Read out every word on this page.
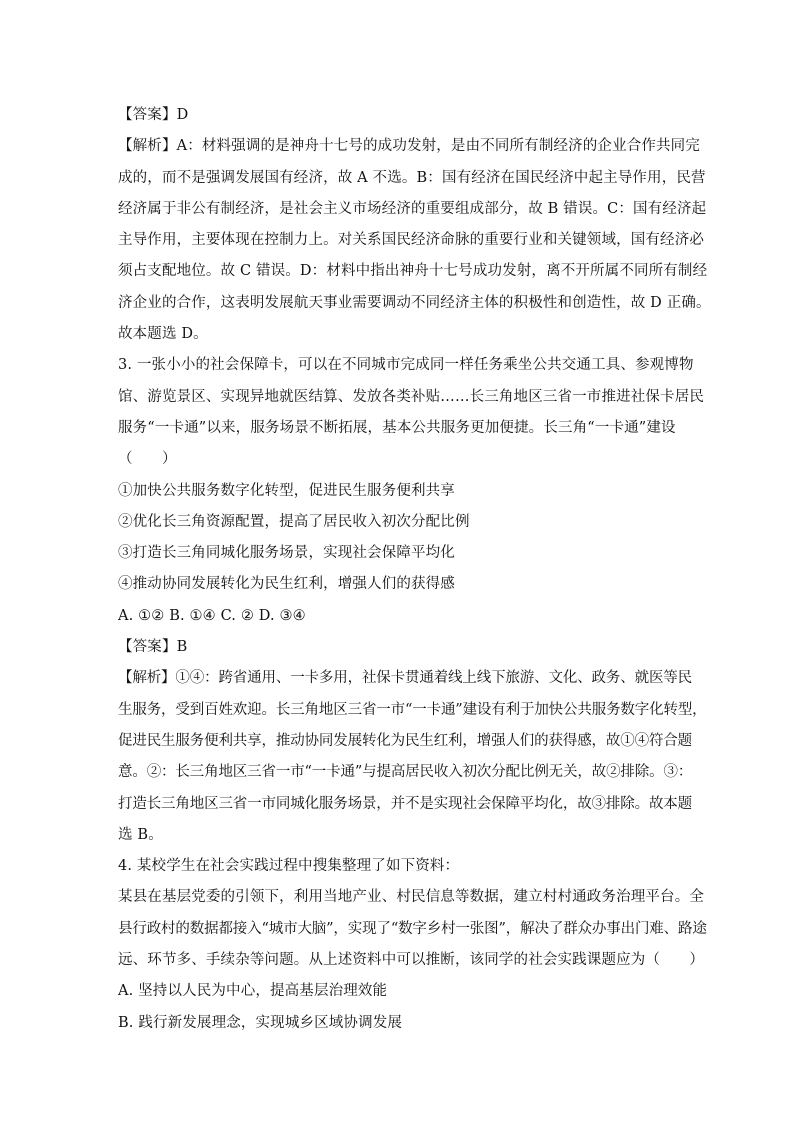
【答案】D
【解析】A：材料强调的是神舟十七号的成功发射，是由不同所有制经济的企业合作共同完
成的，而不是强调发展国有经济，故 A 不选。B：国有经济在国民经济中起主导作用，民营
经济属于非公有制经济，是社会主义市场经济的重要组成部分，故 B 错误。C：国有经济起
主导作用，主要体现在控制力上。对关系国民经济命脉的重要行业和关键领域，国有经济必
须占支配地位。故 C 错误。D：材料中指出神舟十七号成功发射，离不开所属不同所有制经
济企业的合作，这表明发展航天事业需要调动不同经济主体的积极性和创造性，故 D 正确。
故本题选 D。
3. 一张小小的社会保障卡，可以在不同城市完成同一样任务乘坐公共交通工具、参观博物
馆、游览景区、实现异地就医结算、发放各类补贴……长三角地区三省一市推进社保卡居民
服务“一卡通”以来，服务场景不断拓展，基本公共服务更加便捷。长三角“一卡通”建设
（　　）
①加快公共服务数字化转型，促进民生服务便利共享
②优化长三角资源配置，提高了居民收入初次分配比例
③打造长三角同城化服务场景，实现社会保障平均化
④推动协同发展转化为民生红利，增强人们的获得感
A. ①② B. ①④ C. ② D. ③④
【答案】B
【解析】①④：跨省通用、一卡多用，社保卡贯通着线上线下旅游、文化、政务、就医等民
生服务，受到百姓欢迎。长三角地区三省一市“一卡通”建设有利于加快公共服务数字化转型，
促进民生服务便利共享，推动协同发展转化为民生红利，增强人们的获得感，故①④符合题
意。②：长三角地区三省一市“一卡通”与提高居民收入初次分配比例无关，故②排除。③：
打造长三角地区三省一市同城化服务场景，并不是实现社会保障平均化，故③排除。故本题
选 B。
4. 某校学生在社会实践过程中搜集整理了如下资料：
某县在基层党委的引领下，利用当地产业、村民信息等数据，建立村村通政务治理平台。全
县行政村的数据都接入“城市大脑”，实现了“数字乡村一张图”，解决了群众办事出门难、路途
远、环节多、手续杂等问题。从上述资料中可以推断，该同学的社会实践课题应为（　　）
A. 坚持以人民为中心，提高基层治理效能
B. 践行新发展理念，实现城乡区域协调发展
